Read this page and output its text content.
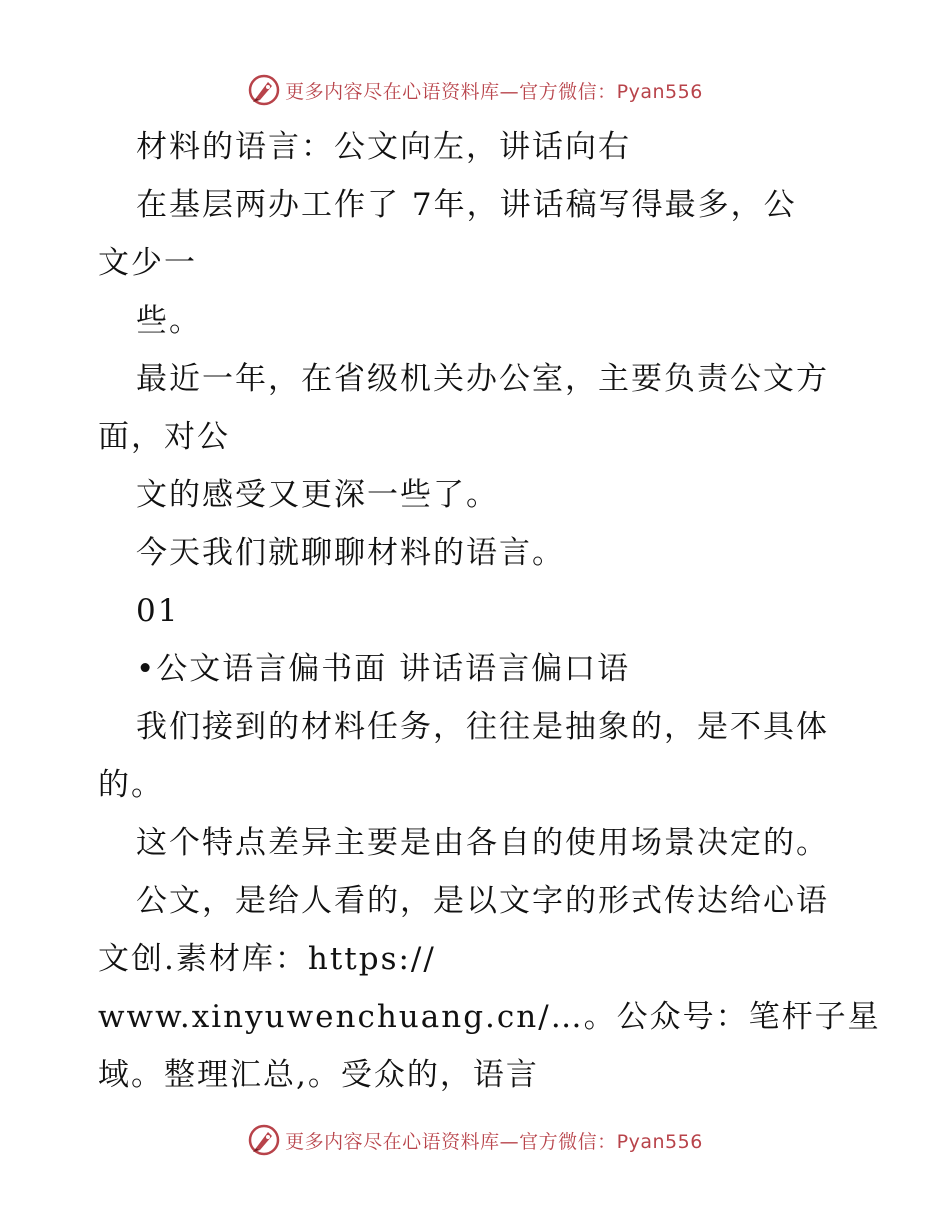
更多内容尽在心语资料库—官方微信：Pyan556
材料的语言：公文向左，讲话向右
在基层两办工作了 7年，讲话稿写得最多，公
文少一
些。
最近一年，在省级机关办公室，主要负责公文方
面，对公
文的感受又更深一些了。
今天我们就聊聊材料的语言。
01
•公文语言偏书面 讲话语言偏口语
我们接到的材料任务，往往是抽象的，是不具体
的。
这个特点差异主要是由各自的使用场景决定的。
公文，是给人看的，是以文字的形式传达给心语
文创.素材库：https://
www.xinyuwenchuang.cn/…。公众号：笔杆子星
域。整理汇总,。受众的，语言
更多内容尽在心语资料库—官方微信：Pyan556
